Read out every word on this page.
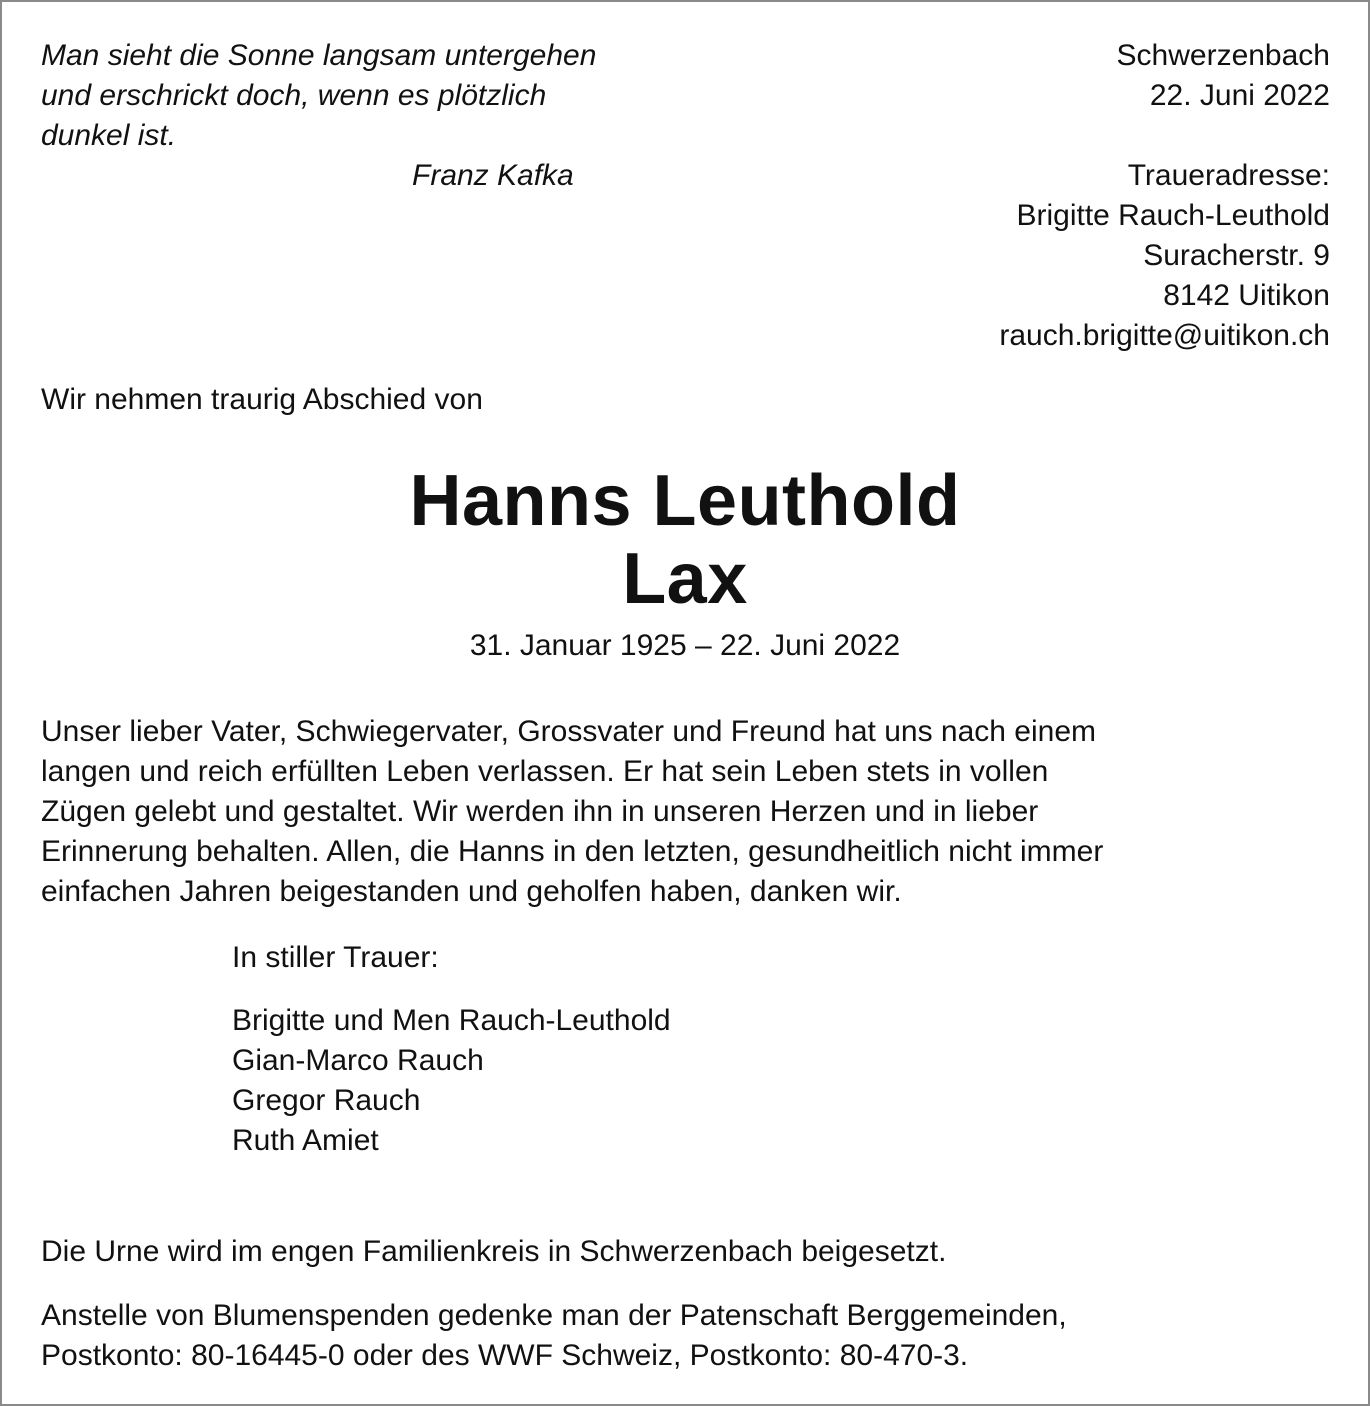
Man sieht die Sonne langsam untergehen
und erschrickt doch, wenn es plötzlich
dunkel ist.
Franz Kafka
Schwerzenbach
22. Juni 2022
Traueradresse:
Brigitte Rauch-Leuthold
Suracherstr. 9
8142 Uitikon
rauch.brigitte@uitikon.ch
Wir nehmen traurig Abschied von
Hanns Leuthold
Lax
31. Januar 1925 – 22. Juni 2022
Unser lieber Vater, Schwiegervater, Grossvater und Freund hat uns nach einem
langen und reich erfüllten Leben verlassen. Er hat sein Leben stets in vollen
Zügen gelebt und gestaltet. Wir werden ihn in unseren Herzen und in lieber
Erinnerung behalten. Allen, die Hanns in den letzten, gesundheitlich nicht immer
einfachen Jahren beigestanden und geholfen haben, danken wir.
In stiller Trauer:
Brigitte und Men Rauch-Leuthold
Gian-Marco Rauch
Gregor Rauch
Ruth Amiet
Die Urne wird im engen Familienkreis in Schwerzenbach beigesetzt.
Anstelle von Blumenspenden gedenke man der Patenschaft Berggemeinden,
Postkonto: 80-16445-0 oder des WWF Schweiz, Postkonto: 80-470-3.
